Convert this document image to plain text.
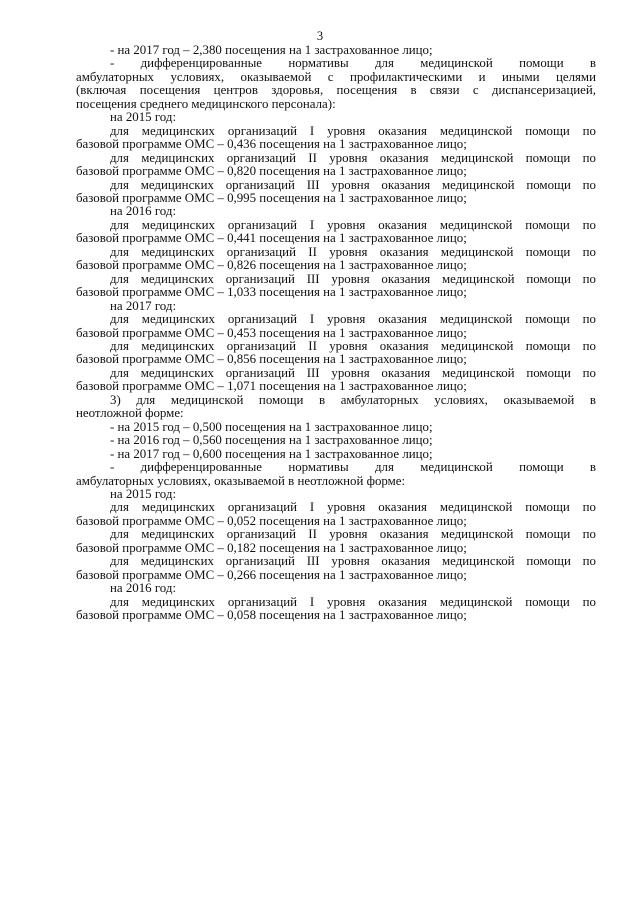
3

- на 2017 год – 2,380 посещения на 1 застрахованное лицо;

- дифференцированные нормативы для медицинской помощи в

амбулаторных условиях, оказываемой с профилактическими и иными целями

(включая посещения центров здоровья, посещения в связи с диспансеризацией,

посещения среднего медицинского персонала):

на 2015 год:

для медицинских организаций I уровня оказания медицинской помощи по

базовой программе ОМС – 0,436 посещения на 1 застрахованное лицо;

для медицинских организаций II уровня оказания медицинской помощи по

базовой программе ОМС – 0,820 посещения на 1 застрахованное лицо;

для медицинских организаций III уровня оказания медицинской помощи по

базовой программе ОМС – 0,995 посещения на 1 застрахованное лицо;

на 2016 год:

для медицинских организаций I уровня оказания медицинской помощи по

базовой программе ОМС – 0,441 посещения на 1 застрахованное лицо;

для медицинских организаций II уровня оказания медицинской помощи по

базовой программе ОМС – 0,826 посещения на 1 застрахованное лицо;

для медицинских организаций III уровня оказания медицинской помощи по

базовой программе ОМС – 1,033 посещения на 1 застрахованное лицо;

на 2017 год:

для медицинских организаций I уровня оказания медицинской помощи по

базовой программе ОМС – 0,453 посещения на 1 застрахованное лицо;

для медицинских организаций II уровня оказания медицинской помощи по

базовой программе ОМС – 0,856 посещения на 1 застрахованное лицо;

для медицинских организаций III уровня оказания медицинской помощи по

базовой программе ОМС – 1,071 посещения на 1 застрахованное лицо;

3) для медицинской помощи в амбулаторных условиях, оказываемой в

неотложной форме:

- на 2015 год – 0,500 посещения на 1 застрахованное лицо;

- на 2016 год – 0,560 посещения на 1 застрахованное лицо;

- на 2017 год – 0,600 посещения на 1 застрахованное лицо;

- дифференцированные нормативы для медицинской помощи в

амбулаторных условиях, оказываемой в неотложной форме:

на 2015 год:

для медицинских организаций I уровня оказания медицинской помощи по

базовой программе ОМС – 0,052 посещения на 1 застрахованное лицо;

для медицинских организаций II уровня оказания медицинской помощи по

базовой программе ОМС – 0,182 посещения на 1 застрахованное лицо;

для медицинских организаций III уровня оказания медицинской помощи по

базовой программе ОМС – 0,266 посещения на 1 застрахованное лицо;

на 2016 год:

для медицинских организаций I уровня оказания медицинской помощи по

базовой программе ОМС – 0,058 посещения на 1 застрахованное лицо;
